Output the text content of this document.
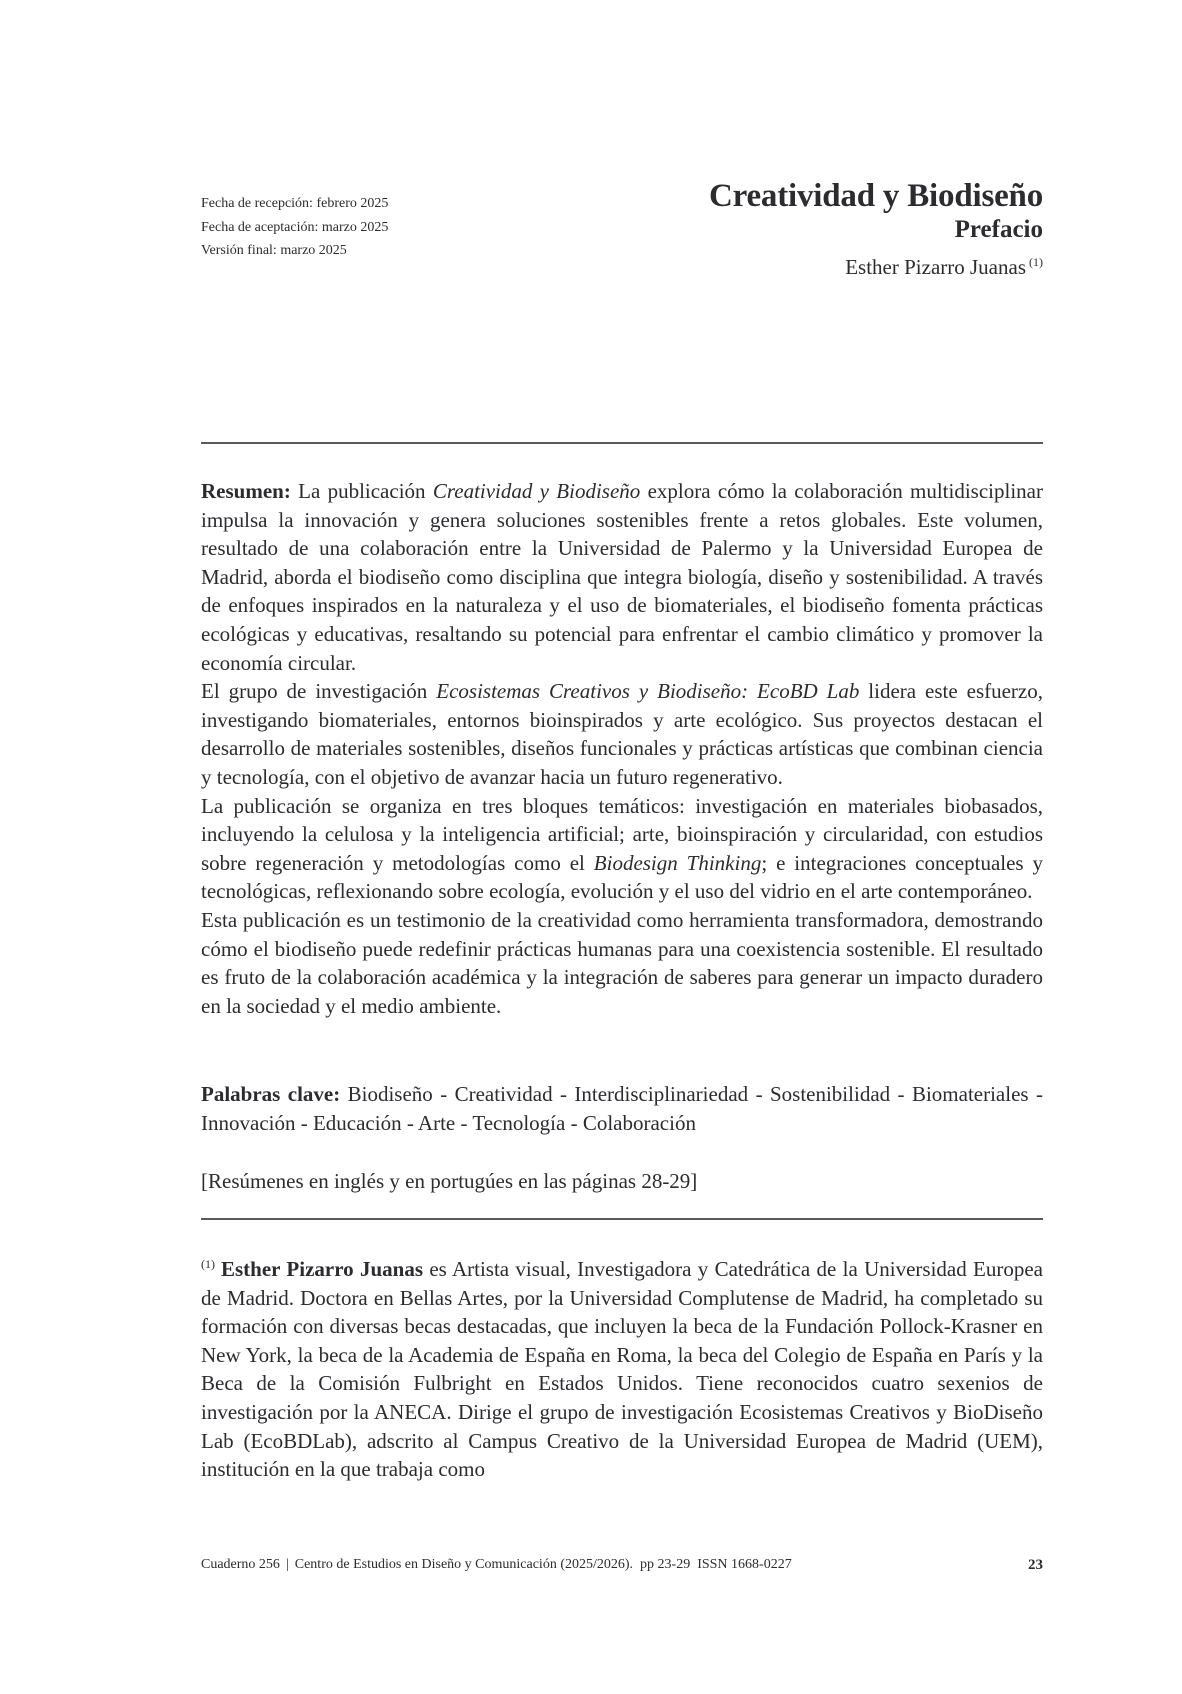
Fecha de recepción: febrero 2025
Fecha de aceptación: marzo 2025
Versión final: marzo 2025
Creatividad y Biodiseño
Prefacio
Esther Pizarro Juanas $^{(1)}$

Resumen: La publicación Creatividad y Biodiseño explora cómo la colaboración multidisciplinar impulsa la innovación y genera soluciones sostenibles frente a retos globales. Este volumen, resultado de una colaboración entre la Universidad de Palermo y la Universidad Europea de Madrid, aborda el biodiseño como disciplina que integra biología, diseño y sostenibilidad. A través de enfoques inspirados en la naturaleza y el uso de biomateriales, el biodiseño fomenta prácticas ecológicas y educativas, resaltando su potencial para enfrentar el cambio climático y promover la economía circular.

El grupo de investigación Ecosistemas Creativos y Biodiseño: EcoBD Lab lidera este esfuerzo, investigando biomateriales, entornos bioinspirados y arte ecológico. Sus proyectos destacan el desarrollo de materiales sostenibles, diseños funcionales y prácticas artísticas que combinan ciencia y tecnología, con el objetivo de avanzar hacia un futuro regenerativo.

La publicación se organiza en tres bloques temáticos: investigación en materiales biobasados, incluyendo la celulosa y la inteligencia artificial; arte, bioinspiración y circularidad, con estudios sobre regeneración y metodologías como el Biodesign Thinking; e integraciones conceptuales y tecnológicas, reflexionando sobre ecología, evolución y el uso del vidrio en el arte contemporáneo.

Esta publicación es un testimonio de la creatividad como herramienta transformadora, demostrando cómo el biodiseño puede redefinir prácticas humanas para una coexistencia sostenible. El resultado es fruto de la colaboración académica y la integración de saberes para generar un impacto duradero en la sociedad y el medio ambiente.

Palabras clave: Biodiseño - Creatividad - Interdisciplinariedad - Sostenibilidad - Biomateriales - Innovación - Educación - Arte - Tecnología - Colaboración
[Resúmenes en inglés y en portugúes en las páginas 28-29]

$^{(1)}$ Esther Pizarro Juanas es Artista visual, Investigadora y Catedrática de la Universidad Europea de Madrid. Doctora en Bellas Artes, por la Universidad Complutense de Madrid, ha completado su formación con diversas becas destacadas, que incluyen la beca de la Fundación Pollock-Krasner en New York, la beca de la Academia de España en Roma, la beca del Colegio de España en París y la Beca de la Comisión Fulbright en Estados Unidos. Tiene reconocidos cuatro sexenios de investigación por la ANECA. Dirige el grupo de investigación Ecosistemas Creativos y BioDiseño Lab (EcoBDLab), adscrito al Campus Creativo de la Universidad Europea de Madrid (UEM), institución en la que trabaja como

Cuaderno 256 | Centro de Estudios en Diseño y Comunicación (2025/2026).  pp 23-29  ISSN 1668-0227	23
